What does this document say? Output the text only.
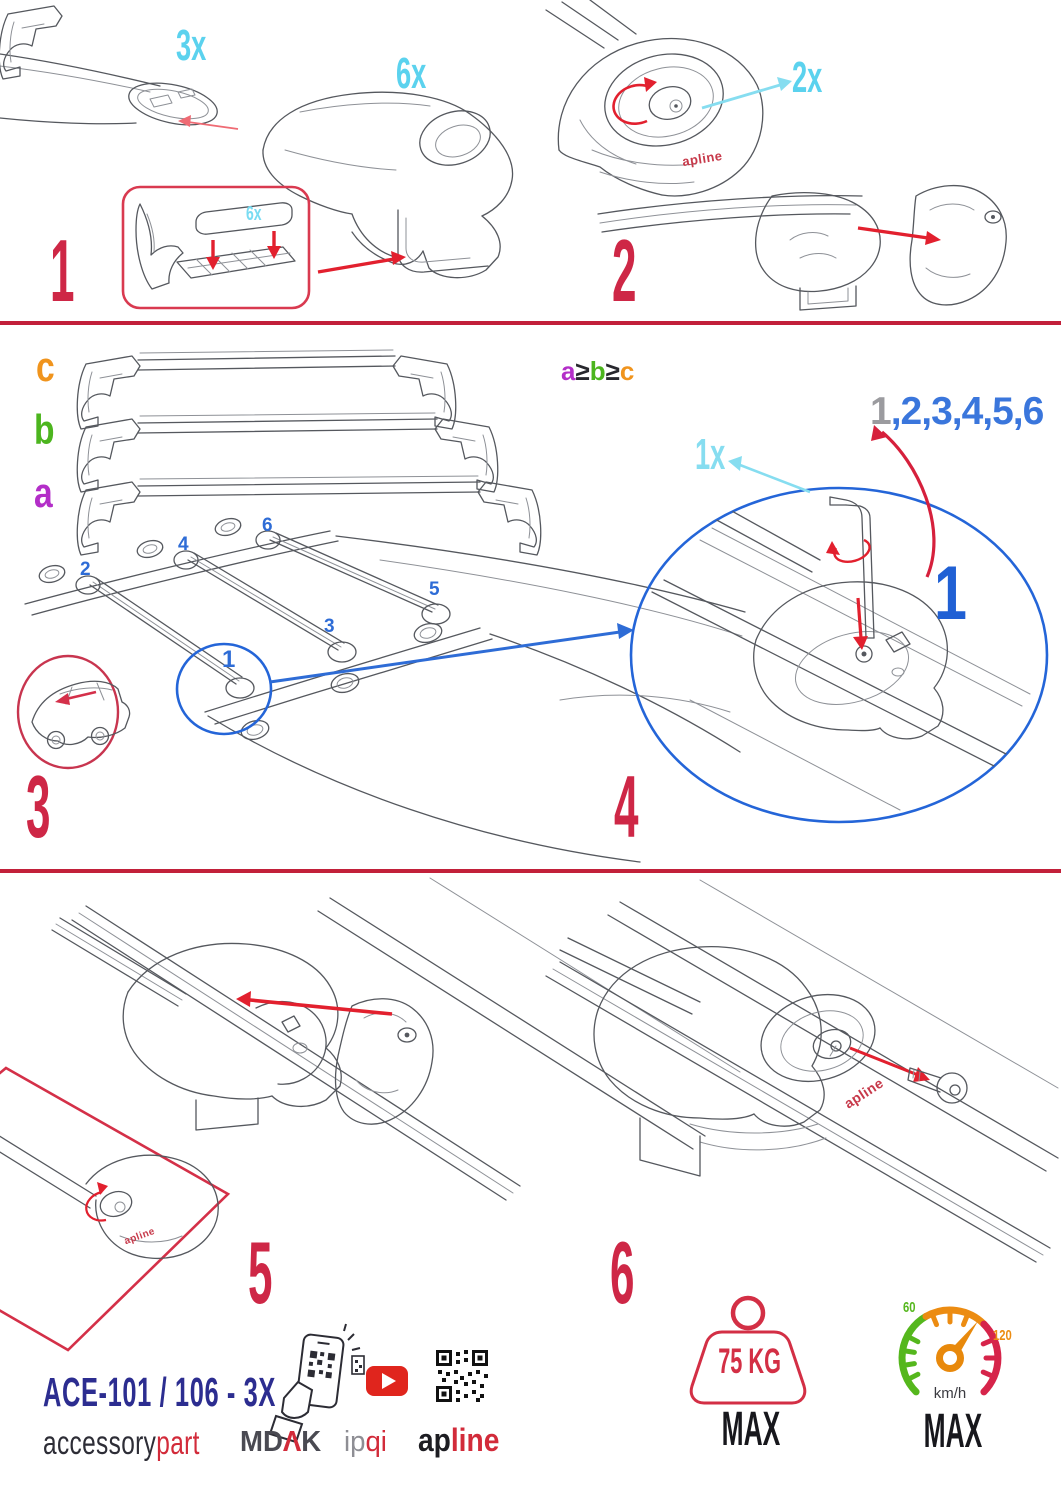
3x
6x
6x
1
2x
apline
2
c
b
a
2
4
6
3
5
1
3
a≥b≥c
1,2,3,4,5,6
1x
1
4
apline 5
apline
6
ACE-101 / 106 - 3X
accessorypart MDΛK ipqi apline
75 KG
MAX
60
120
km/h
MAX
